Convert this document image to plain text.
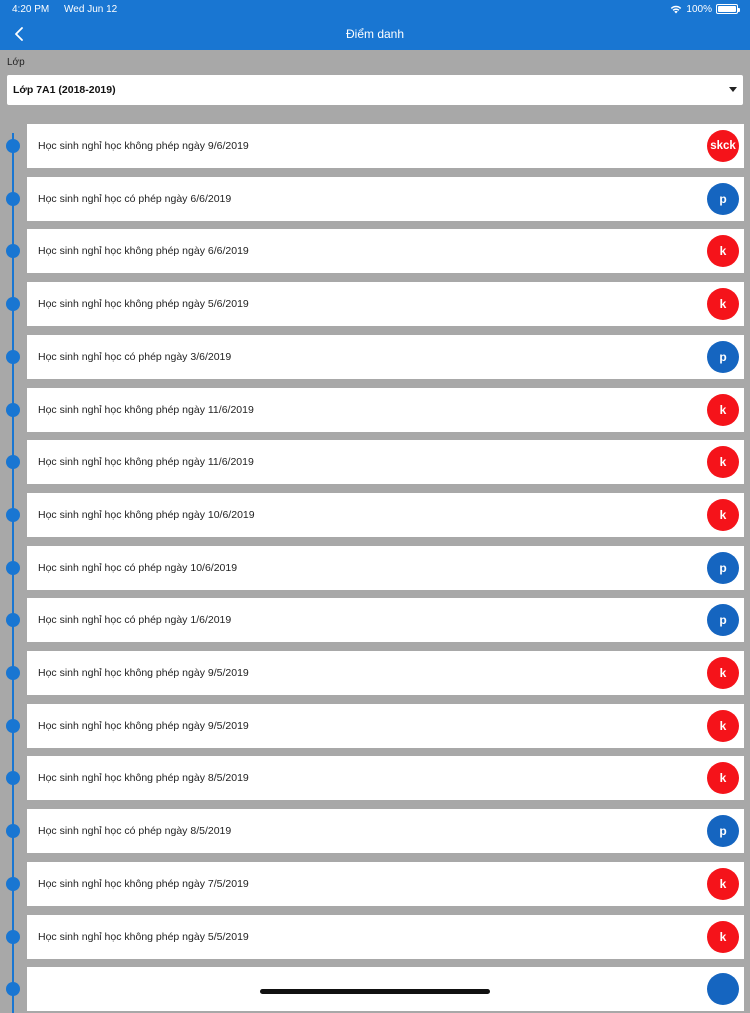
4:20 PM Wed Jun 12	100%
Điểm danh
Lớp
Lớp 7A1 (2018-2019)
Học sinh nghỉ học không phép ngày 9/6/2019	skck
Học sinh nghỉ học có phép ngày 6/6/2019	p
Học sinh nghỉ học không phép ngày 6/6/2019	k
Học sinh nghỉ học không phép ngày 5/6/2019	k
Học sinh nghỉ học có phép ngày 3/6/2019	p
Học sinh nghỉ học không phép ngày 11/6/2019	k
Học sinh nghỉ học không phép ngày 11/6/2019	k
Học sinh nghỉ học không phép ngày 10/6/2019	k
Học sinh nghỉ học có phép ngày 10/6/2019	p
Học sinh nghỉ học có phép ngày 1/6/2019	p
Học sinh nghỉ học không phép ngày 9/5/2019	k
Học sinh nghỉ học không phép ngày 9/5/2019	k
Học sinh nghỉ học không phép ngày 8/5/2019	k
Học sinh nghỉ học có phép ngày 8/5/2019	p
Học sinh nghỉ học không phép ngày 7/5/2019	k
Học sinh nghỉ học không phép ngày 5/5/2019	k
